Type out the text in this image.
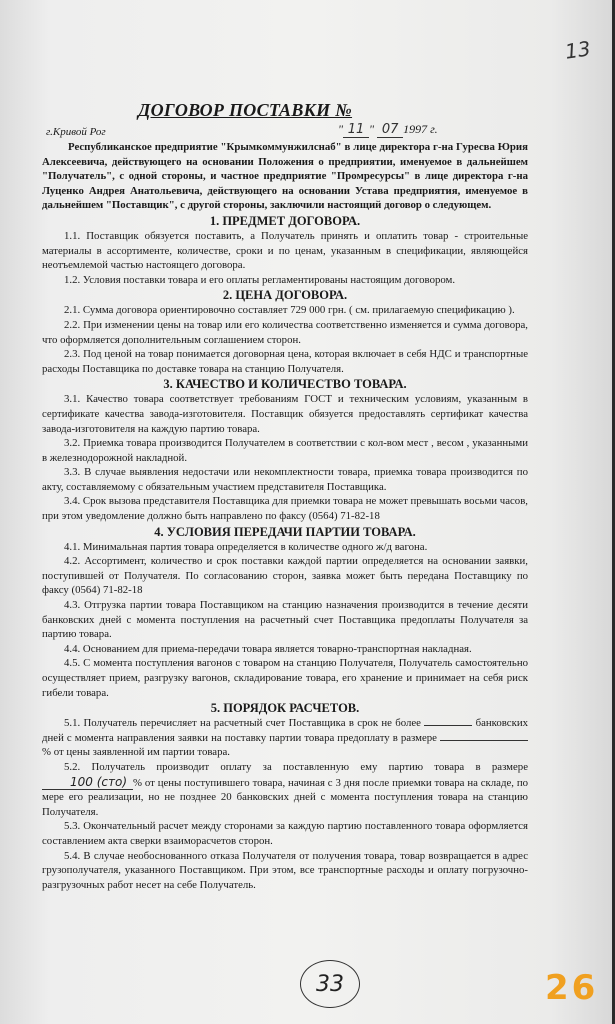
13
ДОГОВОР ПОСТАВКИ №
г.Кривой Рог	" 11 " 07 1997 г.

Республиканское предприятие "Крымкоммунжилснаб" в лице директора г-на Гуресва Юрия Алексеевича, действующего на основании Положения о предприятии, именуемое в дальнейшем "Получатель", с одной стороны, и частное предприятие "Промресурсы" в лице директора г-на Луценко Андрея Анатольевича, действующего на основании Устава предприятия, именуемое в дальнейшем "Поставщик", с другой стороны, заключили настоящий договор о следующем.

1. ПРЕДМЕТ ДОГОВОРА.

1.1. Поставщик обязуется поставить, а Получатель принять и оплатить товар - строительные материалы в ассортименте, количестве, сроки и по ценам, указанным в спецификации, являющейся неотъемлемой частью настоящего договора.

1.2. Условия поставки товара и его оплаты регламентированы настоящим договором.

2. ЦЕНА ДОГОВОРА.

2.1. Сумма договора ориентировочно составляет 729 000 грн. ( см. прилагаемую спецификацию ).

2.2. При изменении цены на товар или его количества соответственно изменяется и сумма договора, что оформляется дополнительным соглашением сторон.

2.3. Под ценой на товар понимается договорная цена, которая включает в себя НДС и транспортные расходы Поставщика по доставке товара на станцию Получателя.

3. КАЧЕСТВО И КОЛИЧЕСТВО ТОВАРА.

3.1. Качество товара соответствует требованиям ГОСТ и техническим условиям, указанным в сертификате качества завода-изготовителя. Поставщик обязуется предоставлять сертификат качества завода-изготовителя на каждую партию товара.

3.2. Приемка товара производится Получателем в соответствии с кол-вом мест , весом , указанными в железнодорожной накладной.

3.3. В случае выявления недостачи или некомплектности товара, приемка товара производится по акту, составляемому с обязательным участием представителя Поставщика.

3.4. Срок вызова представителя Поставщика для приемки товара не может превышать восьми часов, при этом уведомление должно быть направлено по факсу (0564) 71-82-18

4. УСЛОВИЯ ПЕРЕДАЧИ ПАРТИИ ТОВАРА.

4.1. Минимальная партия товара определяется в количестве одного ж/д вагона.

4.2. Ассортимент, количество и срок поставки каждой партии определяется на основании заявки, поступившей от Получателя. По согласованию сторон, заявка может быть передана Поставщику по факсу (0564) 71-82-18

4.3. Отгрузка партии товара Поставщиком на станцию назначения производится в течение десяти банковских дней с момента поступления на расчетный счет Поставщика предоплаты Получателя за партию товара.

4.4. Основанием для приема-передачи товара является товарно-транспортная накладная.

4.5. С момента поступления вагонов с товаром на станцию Получателя, Получатель самостоятельно осуществляет прием, разгрузку вагонов, складирование товара, его хранение и принимает на себя риск гибели товара.

5. ПОРЯДОК РАСЧЕТОВ.

5.1. Получатель перечисляет на расчетный счет Поставщика в срок не более	банковских дней с момента направления заявки на поставку партии товара предоплату в размере % от цены заявленной им партии товара.

5.2. Получатель производит оплату за поставленную ему партию товара в размере 100 (сто) % от цены поступившего товара, начиная с 3 дня после приемки товара на складе, по мере его реализации, но не позднее 20 банковских дней с момента поступления товара на станцию Получателя.

5.3. Окончательный расчет между сторонами за каждую партию поставленного товара оформляется составлением акта сверки взаиморасчетов сторон.

5.4. В случае необоснованного отказа Получателя от получения товара, товар возвращается в адрес грузополучателя, указанного Поставщиком. При этом, все транспортные расходы и оплату погрузочно-разгрузочных работ несет на себе Получатель.

33	26
